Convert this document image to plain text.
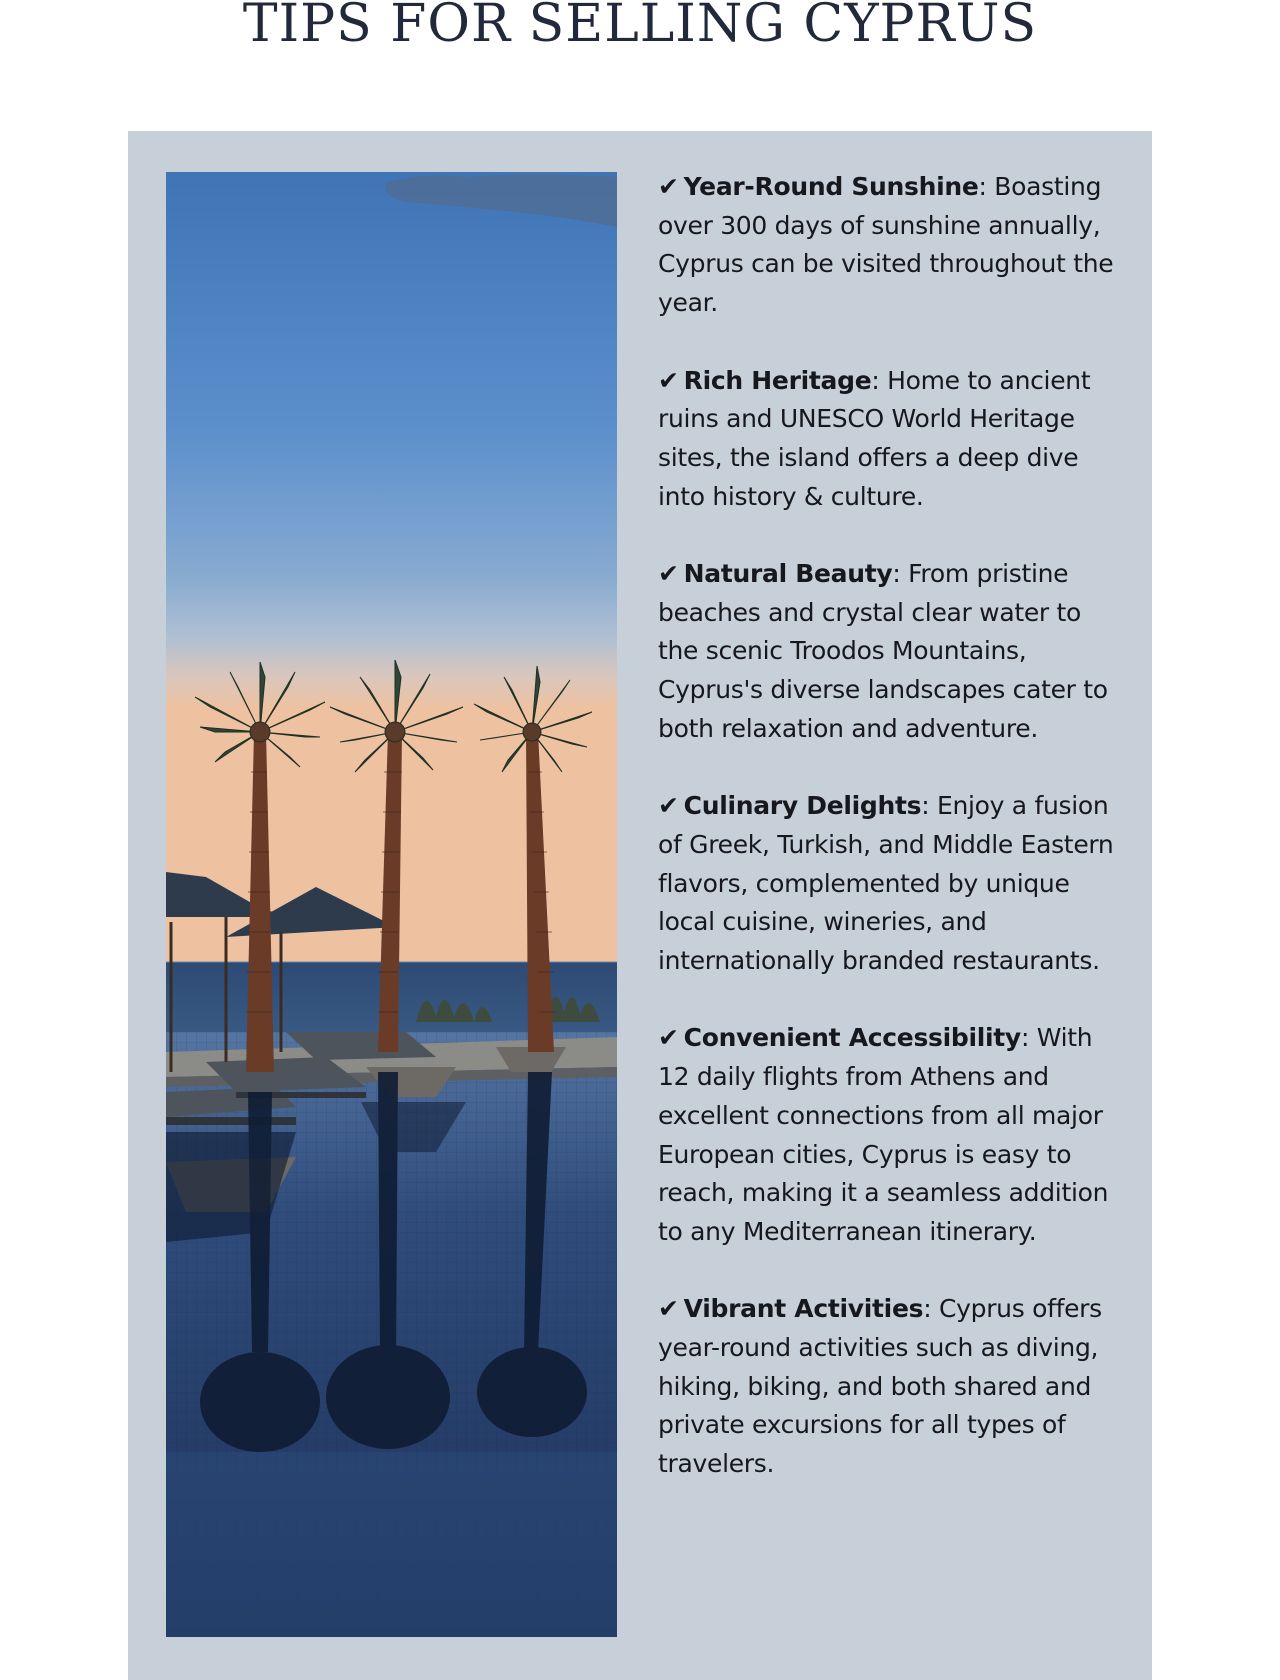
TIPS FOR SELLING CYPRUS
✔ Year-Round Sunshine: Boasting over 300 days of sunshine annually, Cyprus can be visited throughout the year.
✔ Rich Heritage: Home to ancient ruins and UNESCO World Heritage sites, the island offers a deep dive into history & culture.
✔ Natural Beauty: From pristine beaches and crystal clear water to the scenic Troodos Mountains, Cyprus's diverse landscapes cater to both relaxation and adventure.
✔ Culinary Delights: Enjoy a fusion of Greek, Turkish, and Middle Eastern flavors, complemented by unique local cuisine, wineries, and internationally branded restaurants.
✔ Convenient Accessibility: With 12 daily flights from Athens and excellent connections from all major European cities, Cyprus is easy to reach, making it a seamless addition to any Mediterranean itinerary.
✔ Vibrant Activities: Cyprus offers year-round activities such as diving, hiking, biking, and both shared and private excursions for all types of travelers.
